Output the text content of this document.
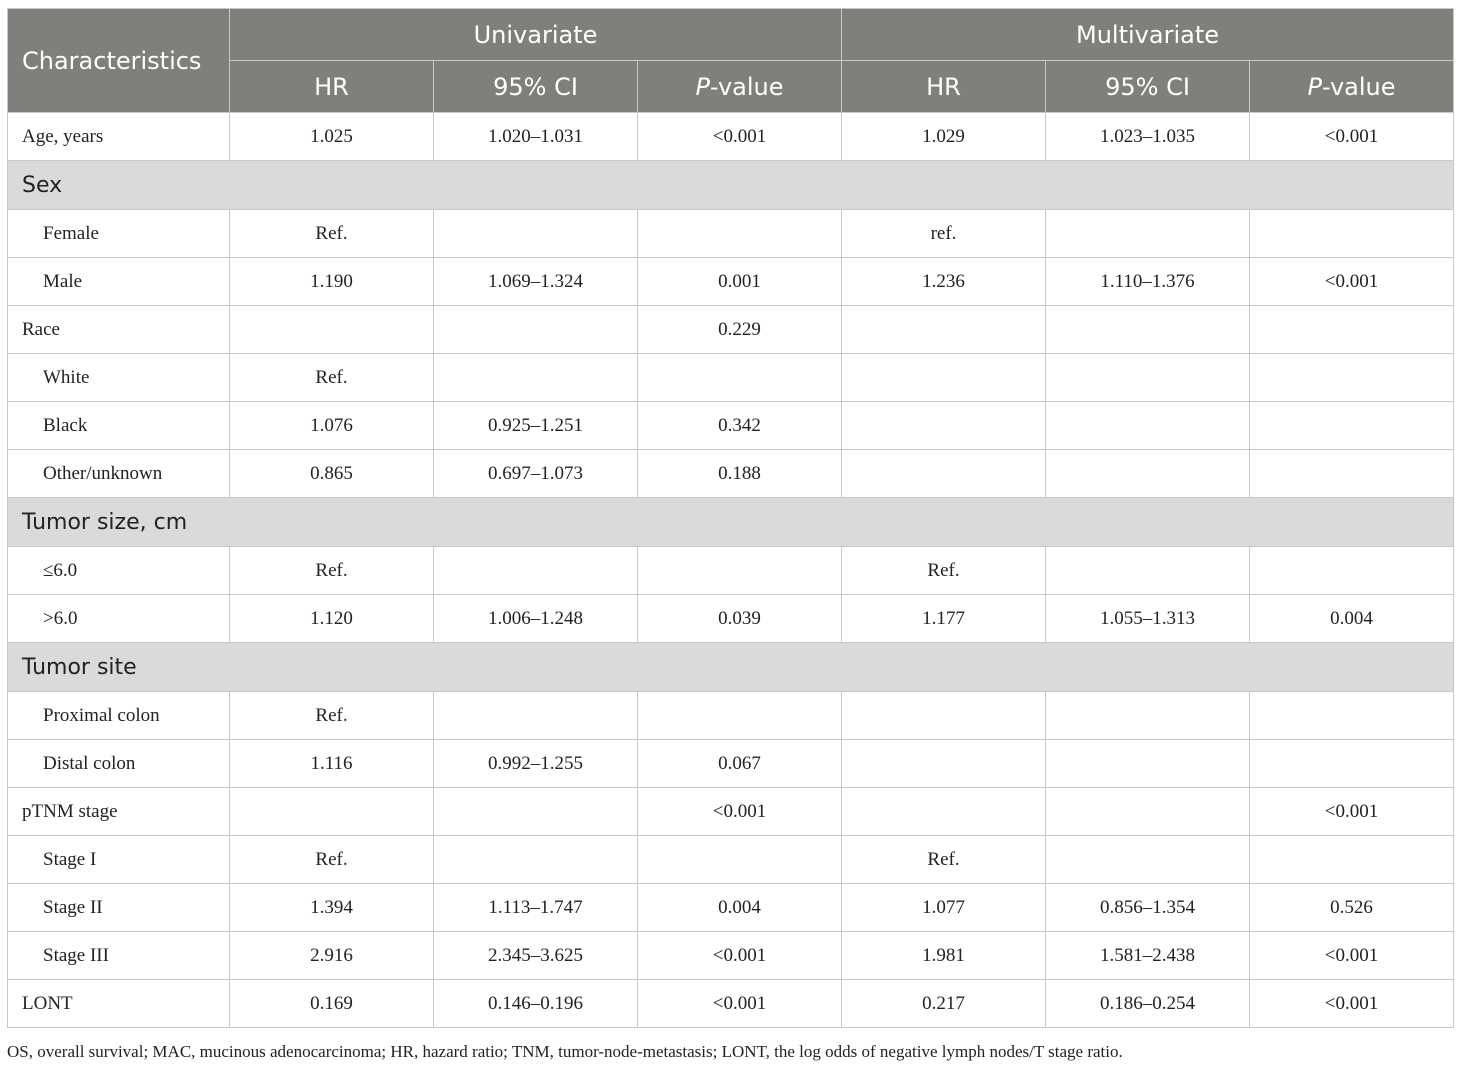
Characteristics	Univariate			Multivariate		
	HR	95% CI	P-value	HR	95% CI	P-value
Age, years	1.025	1.020–1.031	<0.001	1.029	1.023–1.035	<0.001
Sex						
Female	Ref.			ref.		
Male	1.190	1.069–1.324	0.001	1.236	1.110–1.376	<0.001
Race			0.229			
White	Ref.					
Black	1.076	0.925–1.251	0.342			
Other/unknown	0.865	0.697–1.073	0.188			
Tumor size, cm						
≤6.0	Ref.			Ref.		
>6.0	1.120	1.006–1.248	0.039	1.177	1.055–1.313	0.004
Tumor site						
Proximal colon	Ref.					
Distal colon	1.116	0.992–1.255	0.067			
pTNM stage			<0.001			<0.001
Stage I	Ref.			Ref.		
Stage II	1.394	1.113–1.747	0.004	1.077	0.856–1.354	0.526
Stage III	2.916	2.345–3.625	<0.001	1.981	1.581–2.438	<0.001
LONT	0.169	0.146–0.196	<0.001	0.217	0.186–0.254	<0.001
OS, overall survival; MAC, mucinous adenocarcinoma; HR, hazard ratio; TNM, tumor-node-metastasis; LONT, the log odds of negative lymph nodes/T stage ratio.
